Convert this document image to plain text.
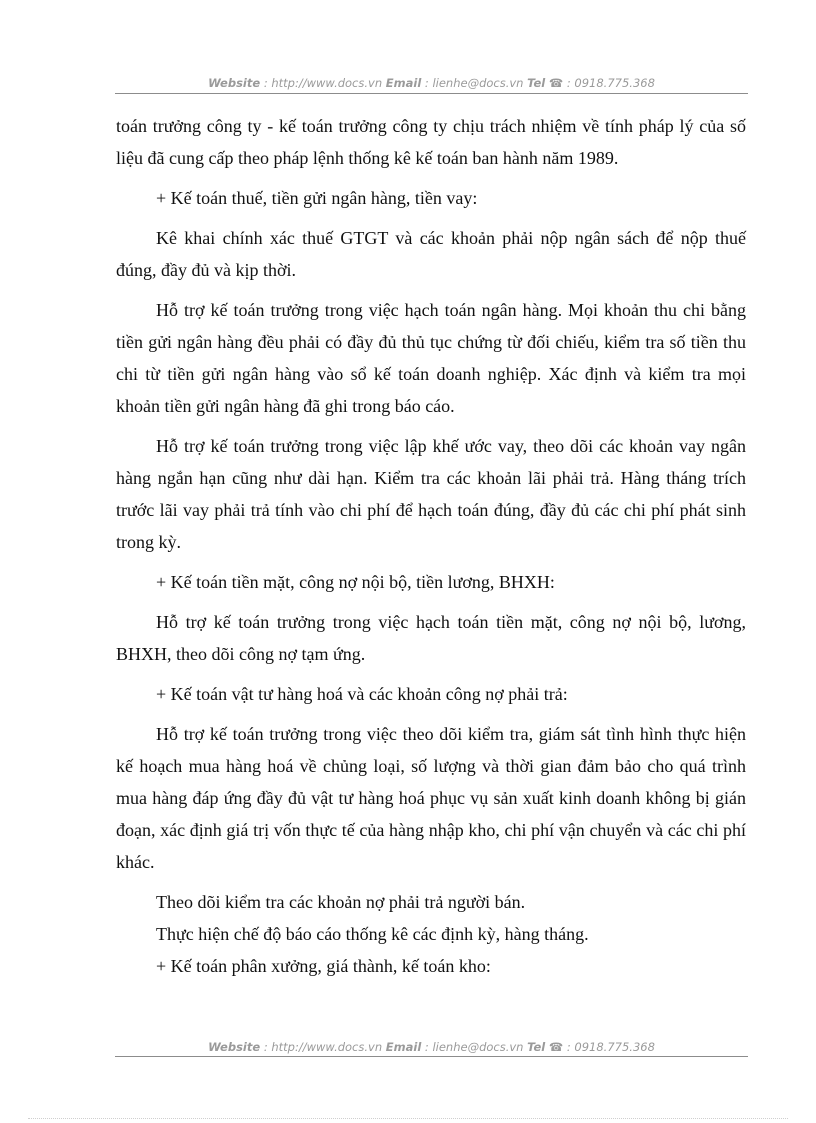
Website : http://www.docs.vn Email : lienhe@docs.vn Tel ☎ : 0918.775.368

toán trưởng công ty - kế toán trưởng công ty chịu trách nhiệm về tính pháp lý của số liệu đã cung cấp theo pháp lệnh thống kê kế toán ban hành năm 1989.

+ Kế toán thuế, tiền gửi ngân hàng, tiền vay:

Kê khai chính xác thuế GTGT và các khoản phải nộp ngân sách để nộp thuế đúng, đầy đủ và kịp thời.

Hỗ trợ kế toán trưởng trong việc hạch toán ngân hàng. Mọi khoản thu chi bằng tiền gửi ngân hàng đều phải có đầy đủ thủ tục chứng từ đối chiếu, kiểm tra số tiền thu chi từ tiền gửi ngân hàng vào sổ kế toán doanh nghiệp. Xác định và kiểm tra mọi khoản tiền gửi ngân hàng đã ghi trong báo cáo.

Hỗ trợ kế toán trưởng trong việc lập khế ước vay, theo dõi các khoản vay ngân hàng ngắn hạn cũng như dài hạn. Kiểm tra các khoản lãi phải trả. Hàng tháng trích trước lãi vay phải trả tính vào chi phí để hạch toán đúng, đầy đủ các chi phí phát sinh trong kỳ.

+ Kế toán tiền mặt, công nợ nội bộ, tiền lương, BHXH:

Hỗ trợ kế toán trưởng trong việc hạch toán tiền mặt, công nợ nội bộ, lương, BHXH, theo dõi công nợ tạm ứng.

+ Kế toán vật tư hàng hoá và các khoản công nợ phải trả:

Hỗ trợ kế toán trưởng trong việc theo dõi kiểm tra, giám sát tình hình thực hiện kế hoạch mua hàng hoá về chủng loại, số lượng và thời gian đảm bảo cho quá trình mua hàng đáp ứng đầy đủ vật tư hàng hoá phục vụ sản xuất kinh doanh không bị gián đoạn, xác định giá trị vốn thực tế của hàng nhập kho, chi phí vận chuyển và các chi phí khác.

Theo dõi kiểm tra các khoản nợ phải trả người bán.

Thực hiện chế độ báo cáo thống kê các định kỳ, hàng tháng.

+ Kế toán phân xưởng, giá thành, kế toán kho:

Website : http://www.docs.vn Email : lienhe@docs.vn Tel ☎ : 0918.775.368
